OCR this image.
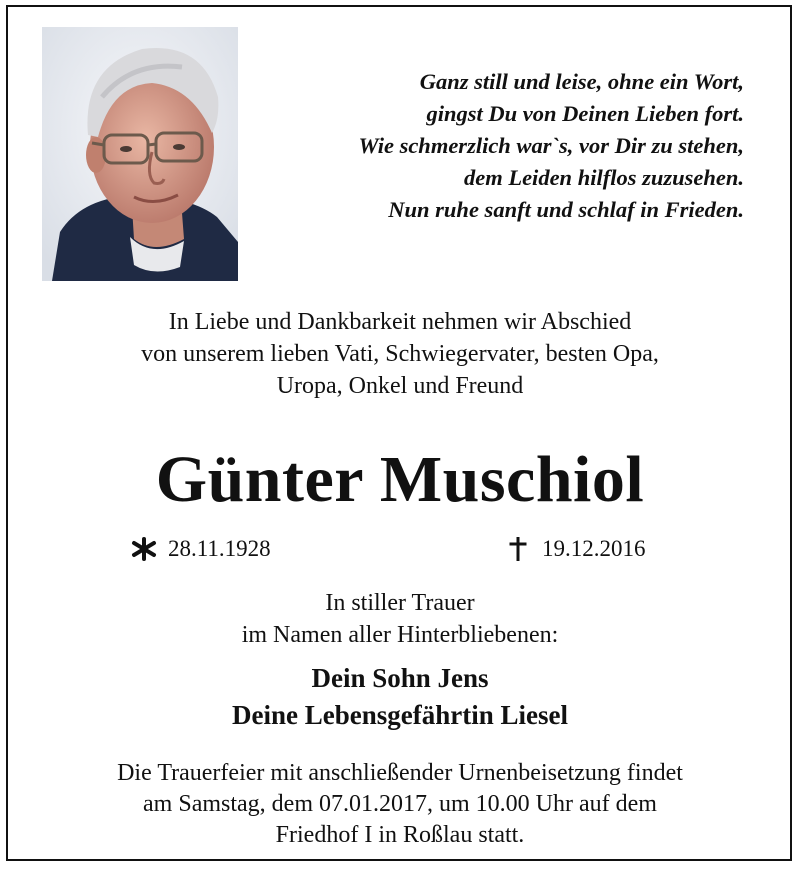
Ganz still und leise, ohne ein Wort,
gingst Du von Deinen Lieben fort.
Wie schmerzlich war`s, vor Dir zu stehen,
dem Leiden hilflos zuzusehen.
Nun ruhe sanft und schlaf in Frieden.
In Liebe und Dankbarkeit nehmen wir Abschied
von unserem lieben Vati, Schwiegervater, besten Opa,
Uropa, Onkel und Freund
Günter Muschiol
28.11.1928	19.12.2016
In stiller Trauer
im Namen aller Hinterbliebenen:
Dein Sohn Jens
Deine Lebensgefährtin Liesel
Die Trauerfeier mit anschließender Urnenbeisetzung findet
am Samstag, dem 07.01.2017, um 10.00 Uhr auf dem
Friedhof I in Roßlau statt.
